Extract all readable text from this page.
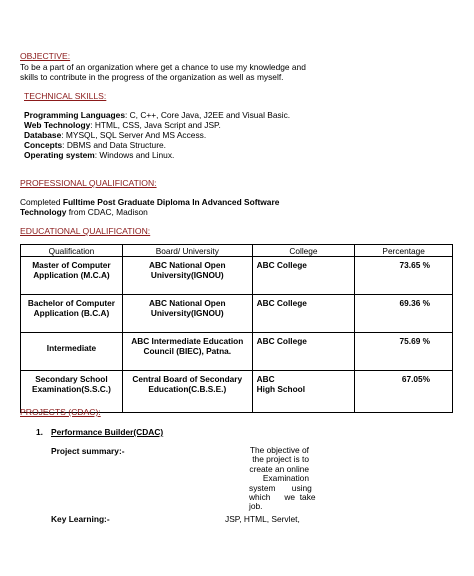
OBJECTIVE:
To be a part of an organization where get a chance to use my knowledge and
skills to contribute in the progress of the organization as well as myself.
TECHNICAL SKILLS:
Programming Languages: C, C++, Core Java, J2EE and Visual Basic.
Web Technology: HTML, CSS, Java Script and JSP.
Database: MYSQL, SQL Server And MS Access.
Concepts: DBMS and Data Structure.
Operating system: Windows and Linux.
PROFESSIONAL QUALIFICATION:
Completed Fulltime Post Graduate Diploma In Advanced Software
Technology from CDAC, Madison
EDUCATIONAL QUALIFICATION:
Qualification	Board/ University	College	Percentage
Master of Computer
Application (M.C.A)	ABC National Open
University(IGNOU)	ABC College	73.65 %
Bachelor of Computer
Application (B.C.A)	ABC National Open
University(IGNOU)	ABC College	69.36 %
Intermediate	ABC Intermediate Education
Council (BIEC), Patna.	ABC College	75.69 %
Secondary School
Examination(S.S.C.)	Central Board of Secondary
Education(C.B.S.E.)	ABC
High School	67.05%
PROJECTS (CDAC):
1. Performance Builder(CDAC)
Project summary:-	The objective of
the project is to
create an online
Examination
system       using
which      we  take
job.
Key Learning:-	JSP, HTML, Servlet,
